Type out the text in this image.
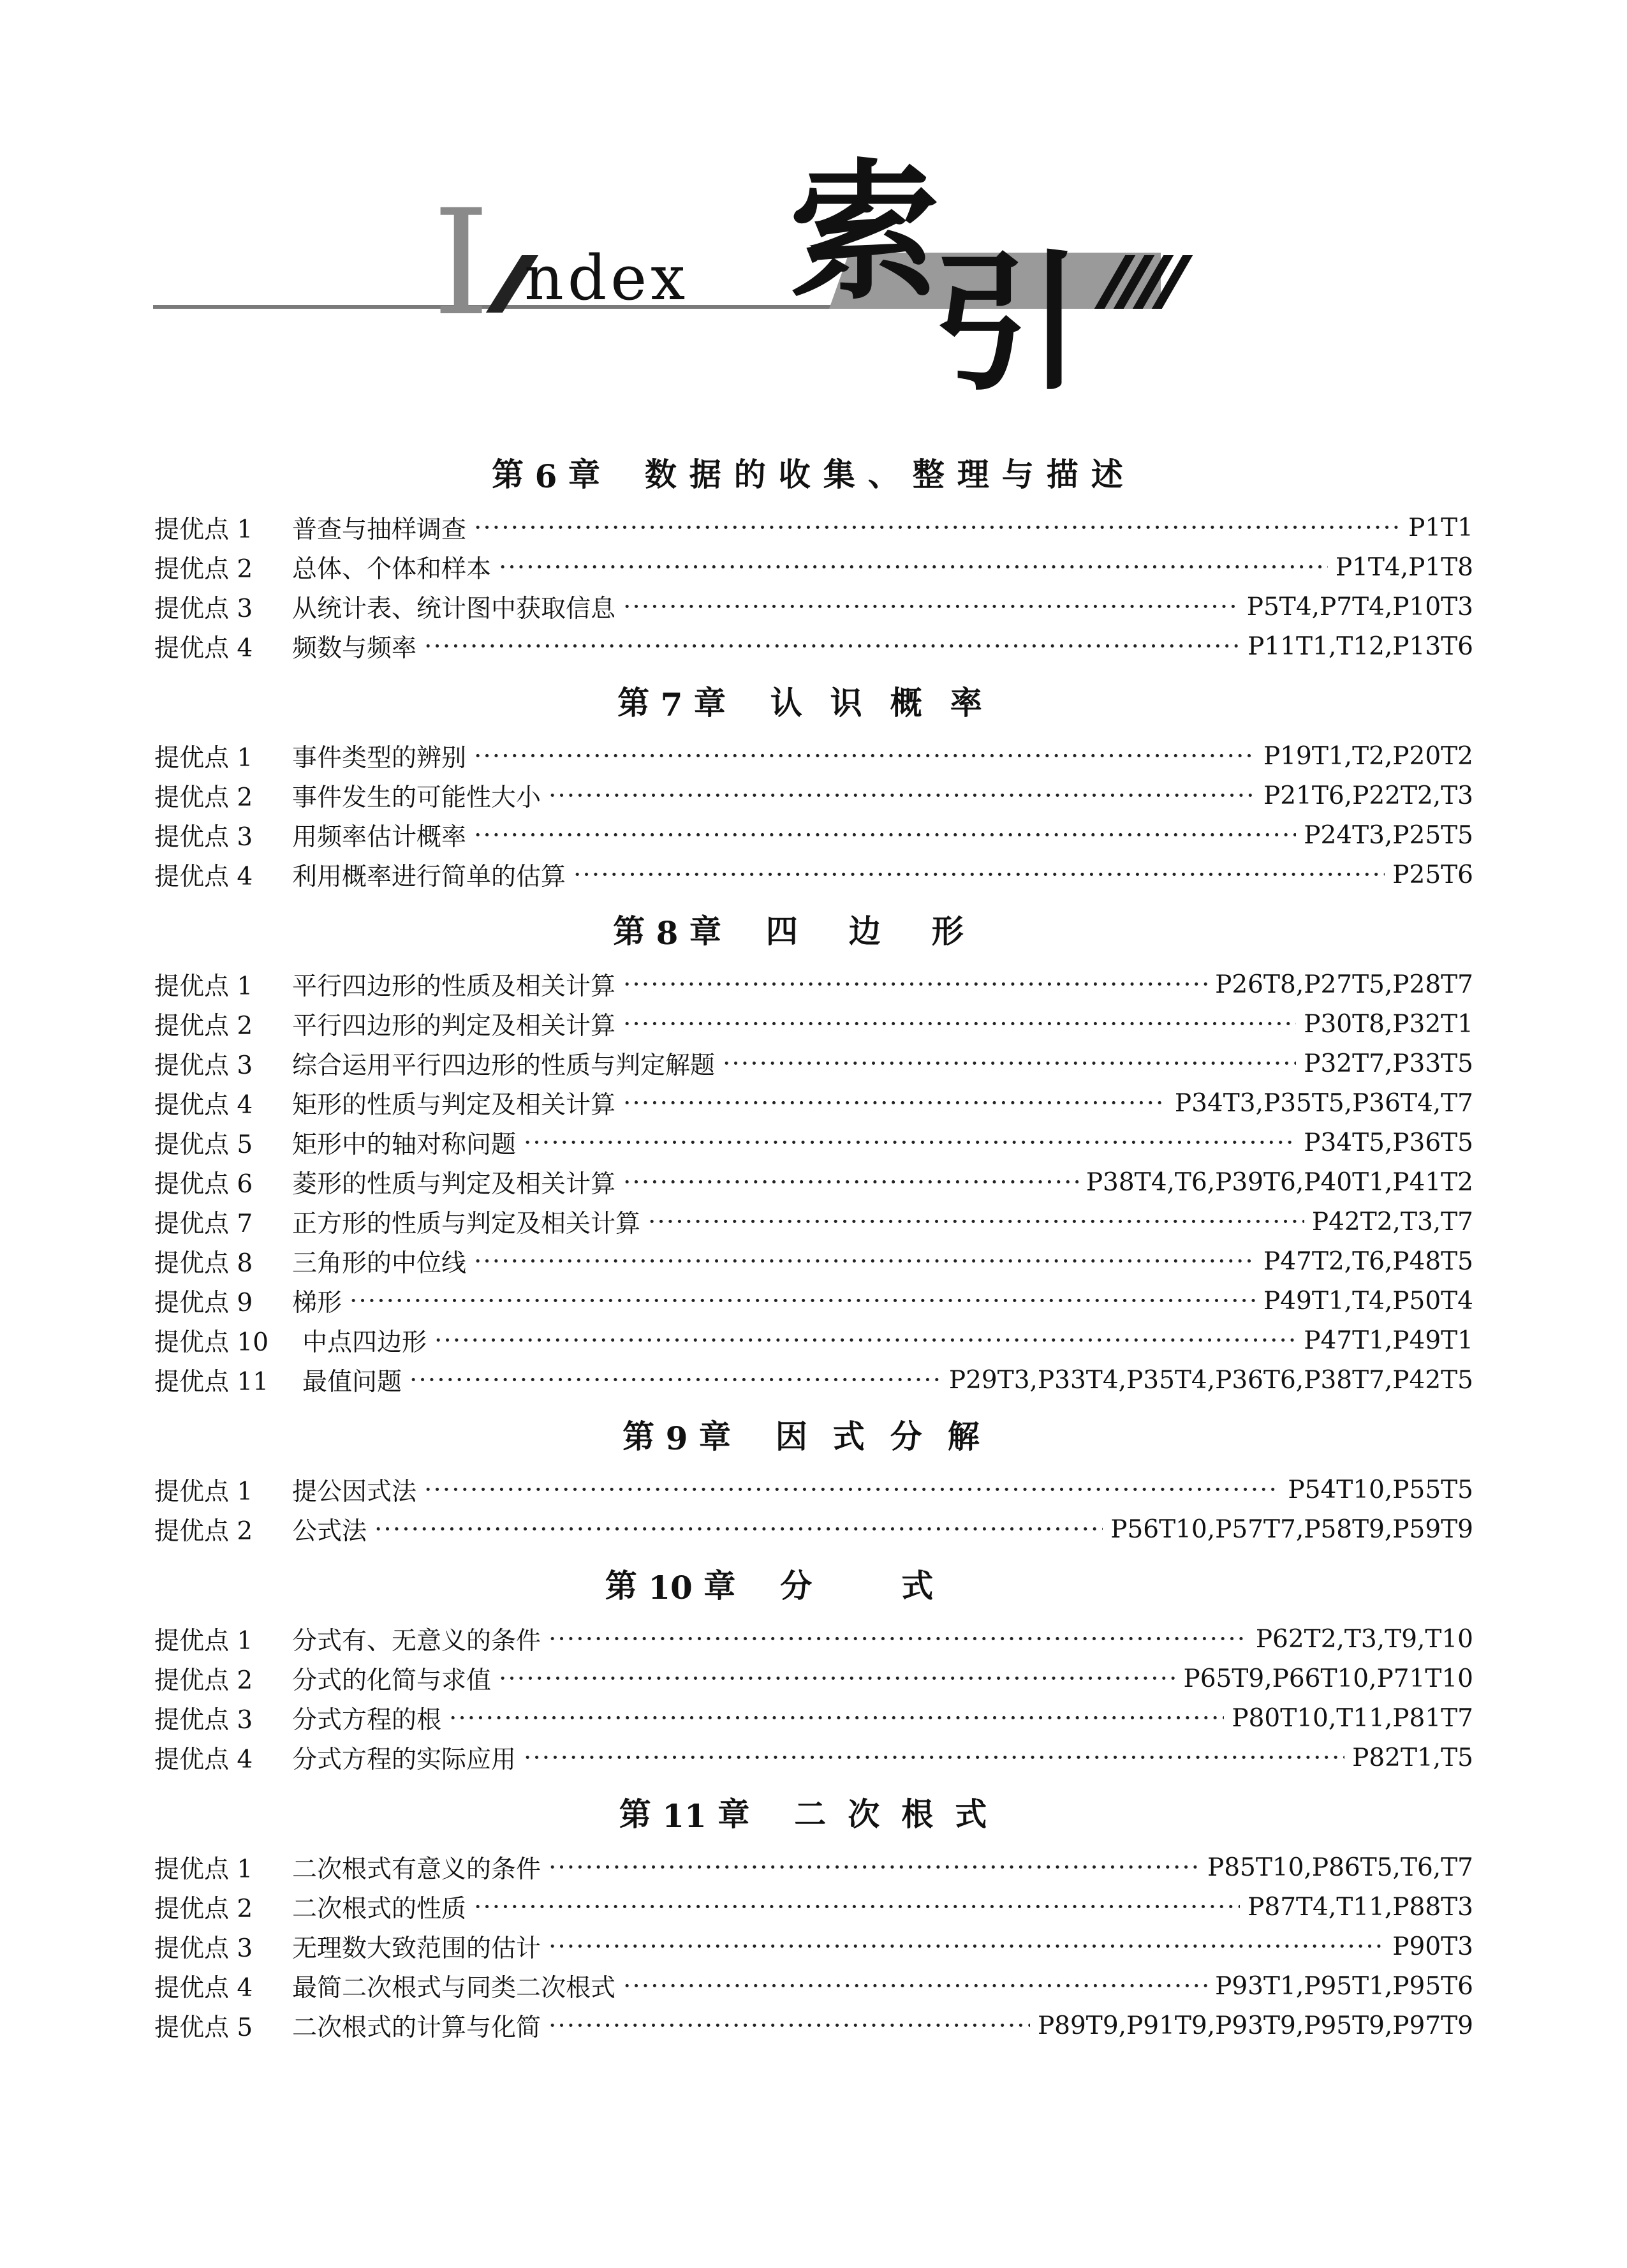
I ndex 索
引
第
6
章 数据的收集、整理与描述
提优点 1	普查与抽样调查 ·····	P1T1
提优点 2	总体、个体和样本 ·····	P1T4,P1T8
提优点 3	从统计表、统计图中获取信息 ·····	P5T4,P7T4,P10T3
提优点 4	频数与频率 ·····	P11T1,T12,P13T6
第
7
章 认识概率
提优点 1	事件类型的辨别 ·····	P19T1,T2,P20T2
提优点 2	事件发生的可能性大小 ·····	P21T6,P22T2,T3
提优点 3	用频率估计概率 ·····	P24T3,P25T5
提优点 4	利用概率进行简单的估算 ·····	P25T6
第
8
章 四边形
提优点 1	平行四边形的性质及相关计算 ·····	P26T8,P27T5,P28T7
提优点 2	平行四边形的判定及相关计算 ·····	P30T8,P32T1
提优点 3	综合运用平行四边形的性质与判定解题 ·····	P32T7,P33T5
提优点 4	矩形的性质与判定及相关计算 ·····	P34T3,P35T5,P36T4,T7
提优点 5	矩形中的轴对称问题 ·····	P34T5,P36T5
提优点 6	菱形的性质与判定及相关计算 ·····	P38T4,T6,P39T6,P40T1,P41T2
提优点 7	正方形的性质与判定及相关计算 ·····	P42T2,T3,T7
提优点 8	三角形的中位线 ·····	P47T2,T6,P48T5
提优点 9	梯形 ·····	P49T1,T4,P50T4
提优点 10	中点四边形 ·····	P47T1,P49T1
提优点 11	最值问题 ·····	P29T3,P33T4,P35T4,P36T6,P38T7,P42T5
第
9
章 因式分解
提优点 1	提公因式法 ·····	P54T10,P55T5
提优点 2	公式法 ·····	P56T10,P57T7,P58T9,P59T9
第
10
章 分式
提优点 1	分式有、无意义的条件 ·····	P62T2,T3,T9,T10
提优点 2	分式的化简与求值 ·····	P65T9,P66T10,P71T10
提优点 3	分式方程的根 ·····	P80T10,T11,P81T7
提优点 4	分式方程的实际应用 ·····	P82T1,T5
第
11
章 二次根式
提优点 1	二次根式有意义的条件 ·····	P85T10,P86T5,T6,T7
提优点 2	二次根式的性质 ·····	P87T4,T11,P88T3
提优点 3	无理数大致范围的估计 ·····	P90T3
提优点 4	最简二次根式与同类二次根式 ·····	P93T1,P95T1,P95T6
提优点 5	二次根式的计算与化简 ·····	P89T9,P91T9,P93T9,P95T9,P97T9
